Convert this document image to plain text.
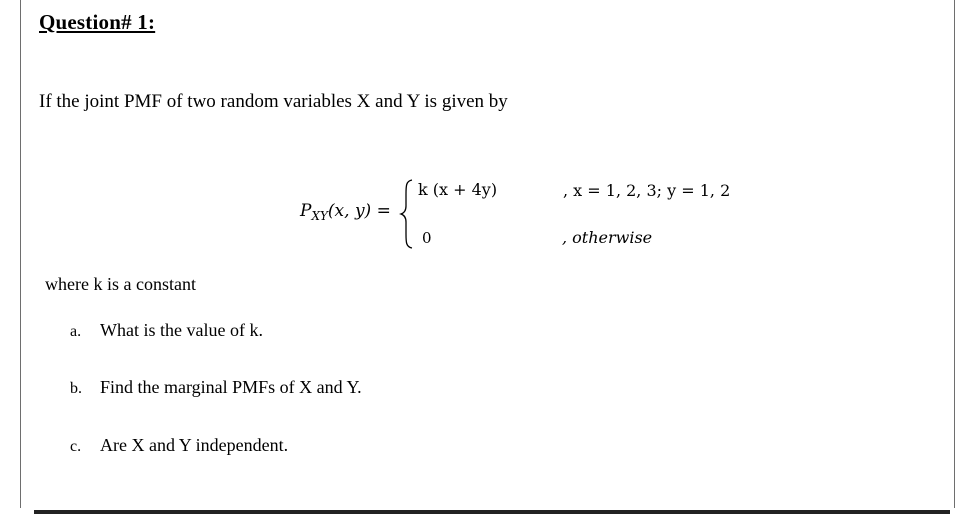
Question# 1:
If the joint PMF of two random variables X and Y is given by
$P_{XY}(x$, y) =
k (x + 4y)
0
, x = 1, 2, 3; y = 1, 2
, otherwise
where k is a constant
a. What is the value of k.
b. Find the marginal PMFs of X and Y.
c. Are X and Y independent.
